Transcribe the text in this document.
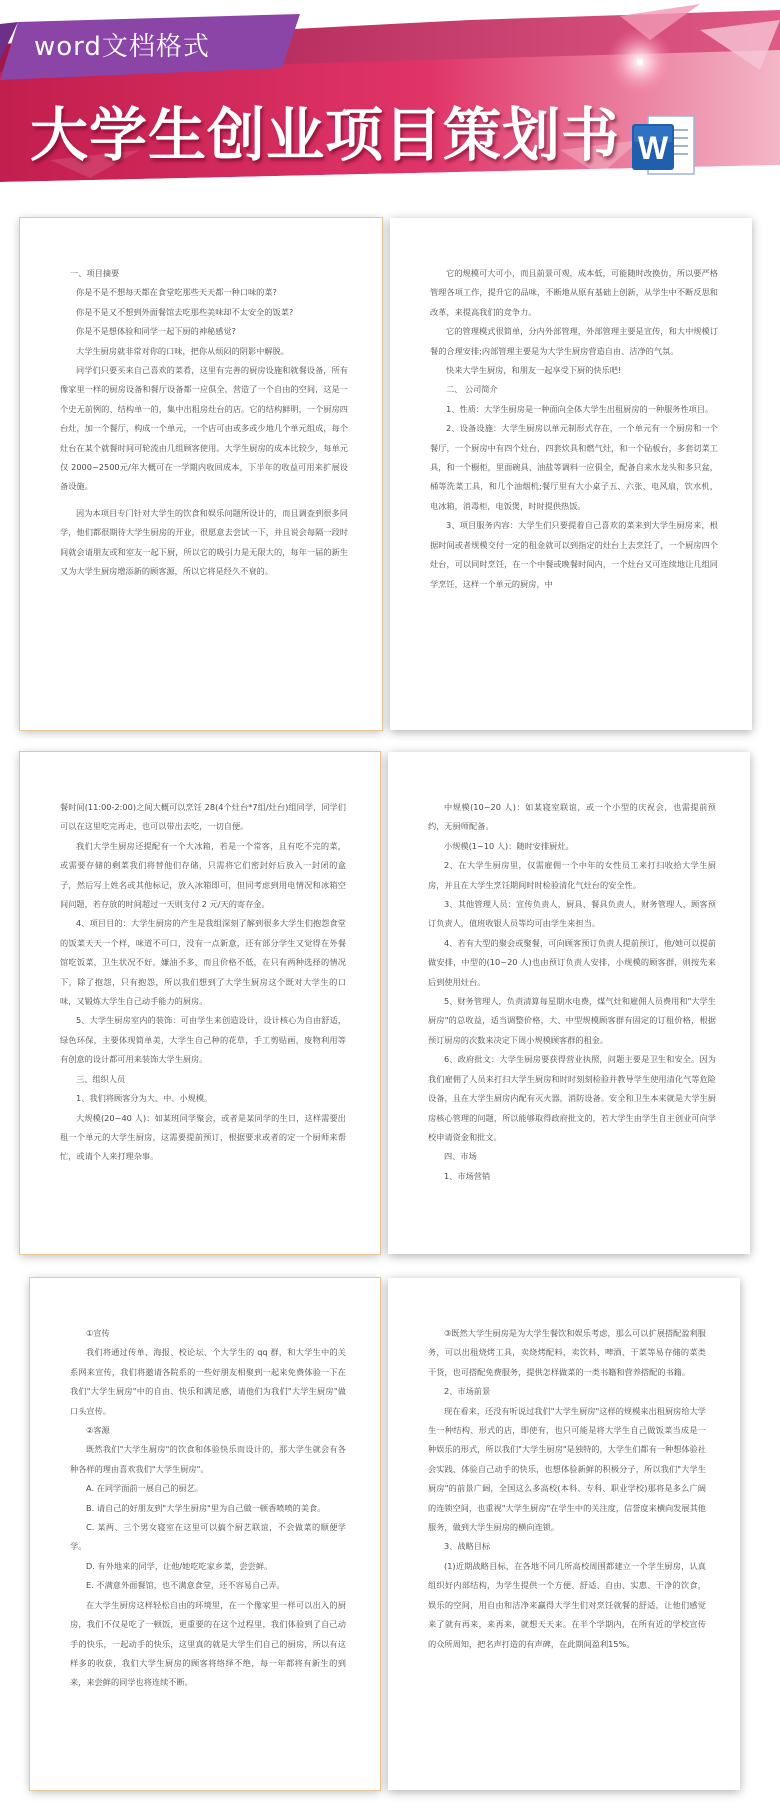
word文档格式
大学生创业项目策划书 W

一、项目摘要

你是不是不想每天都在食堂吃那些天天都一种口味的菜?

你是不是又不想到外面餐馆去吃那些美味却不太安全的饭菜?

你是不是想体验和同学一起下厨的神秘感觉?

大学生厨房就非常对你的口味，把你从烦闷的阴影中解脱。

同学们只要买来自己喜欢的菜肴，这里有完善的厨房设施和就餐设备，所有像家里一样的厨房设备和餐厅设备都一应俱全，营造了一个自由的空间，这是一个史无前例的、结构单一的，集中出租房灶台的店。它的结构鲜明，一个厨房四台灶，加一个餐厅，构成一个单元，一个店可由或多或少地几个单元组成，每个灶台在某个就餐时间可轮流由几组顾客使用。大学生厨房的成本比较少，每单元仅 2000~2500元/年大概可在一学期内收回成本，下半年的收益可用来扩展设备设施。

因为本项目专门针对大学生的饮食和娱乐问题所设计的，而且调查到很多同学，他们都很期待大学生厨房的开业，很愿意去尝试一下，并且说会每隔一段时间就会请朋友或和室友一起下厨，所以它的吸引力是无限大的，每年一届的新生又为大学生厨房增添新的顾客源，所以它将是经久不衰的。

它的规模可大可小，而且前景可观，成本低，可能随时改换仿，所以要严格管理各项工作，提升它的品味，不断地从原有基础上创新，从学生中不断反思和改革，来提高我们的竞争力。

它的管理模式很简单，分内外部管理，外部管理主要是宣传，和大中规模订餐的合理安排;内部管理主要是为大学生厨房营造自由、洁净的气氛。

快来大学生厨房，和朋友一起享受下厨的快乐吧!

二、 公司简介

1、性质：大学生厨房是一种面向全体大学生出租厨房的一种服务性项目。

2、设备设施：大学生厨房以单元制形式存在，一个单元有一个厨房和一个餐厅，一个厨房中有四个灶台，四套炊具和燃气灶，和一个砧板台，多套切菜工具，和一个橱柜，里面碗具、油盐等调料一应俱全，配备自来水龙头和多只盆，桶等洗菜工具，和几个油烟机;餐厅里有大小桌子五、六张，电风扇，饮水机，电冰箱，消毒柜，电饭煲，时时提供热饭。

3、项目服务内容：大学生们只要提着自己喜欢的菜来到大学生厨房来，根据时间或者规模交付一定的租金就可以到指定的灶台上去烹饪了，一个厨房四个灶台，可以同时烹饪，在一个中餐或晚餐时间内，一个灶台又可连续地让几组同学烹饪，这样一个单元的厨房，中

餐时间(11:00-2:00)之间大概可以烹饪 28(4个灶台*7组/灶台)组同学，同学们可以在这里吃完再走，也可以带出去吃，一切自便。

我们大学生厨房还提配有一个大冰箱，若是一个常客，且有吃不完的菜，或需要存储的剩菜我们将替他们存储，只需将它们密封好后放入一封闭的盒子，然后写上姓名或其他标记，放入冰箱即可，但同考虑到用电情况和冰箱空间问题，若存放的时间超过一天则支付 2 元/天的寄存金。

4、项目目的：大学生厨房的产生是我组深刻了解到很多大学生们抱怨食堂的饭菜天天一个样，味道不可口，没有一点新意，还有部分学生又觉得在外餐馆吃饭菜，卫生状况不好，嫌油不多，而且价格不低，在只有两种选择的情况下，除了抱怨，只有抱怨，所以我们想到了大学生厨房这个既对大学生的口味，又锻炼大学生自己动手能力的厨房。

5、大学生厨房室内的装饰：可由学生来创造设计，设计核心为自由舒适，绿色环保，主要体现简单美，大学生自己种的花草，手工剪贴画，废物利用等有创意的设计都可用来装饰大学生厨房。

三、组织人员

1、我们将顾客分为大、中、小规模。

大规模(20~40 人)：如某班同学聚会，或者是某同学的生日，这样需要出租一个单元的大学生厨房，这需要提前预订，根据要求或者的定一个厨师来帮忙，或请个人来打理杂事。

中规模(10~20 人)：如某寝室联谊，或一个小型的庆祝会，也需提前预约，无厨师配备。

小规模(1~10 人)：随时安排厨灶。

2、在大学生厨房里，仅需雇佣一个中年的女性员工来打扫收拾大学生厨房，并且在大学生烹饪期间时时检验清化气灶台的安全性。

3、其他管理人员：宣传负责人，厨具、餐具负责人，财务管理人，顾客预订负责人，值班收银人员等均可由学生来担当。

4、若有大型的聚会或聚餐，可向顾客预订负责人提前预订，他/她可以提前做安排，中型的(10~20 人)也由预订负责人安排，小规模的顾客群，则按先来后到使用灶台。

5、财务管理人，负责清算每星期水电费，煤气灶和雇佣人员费用和"大学生厨房"的总收益，适当调整价格，大、中型规模顾客群有固定的订租价格，根据预订厨房的次数来决定下周小规模顾客群的租金。

6、政府批文：大学生厨房要获得营业执照，问题主要是卫生和安全。因为我们雇佣了人员来打扫大学生厨房和时时刻刻检验并教导学生使用清化气等危险设备，且在大学生厨房内配有灭火器，消防设备。安全和卫生本来就是大学生厨房核心管理的问题，所以能够取得政府批文的，若大学生由学生自主创业可向学校申请资金和批文。

四、市场

1、市场营销

①宣传

我们将通过传单、海报、校论坛、个大学生的 qq 群，和大学生中的关系网来宣传，我们将邀请各院系的一些好朋友相聚到一起来免费体验一下在我们"大学生厨房"中的自由、快乐和满足感，请他们为我们"大学生厨房"做口头宣传。

②客源

既然我们"大学生厨房"的饮食和体验快乐而设计的，那大学生就会有各种各样的理由喜欢我们"大学生厨房"。

A. 在同学面前一展自己的厨艺。

B. 请自己的好朋友到"大学生厨房"里为自己做一顿香喷喷的美食。

C. 某两、三个男女寝室在这里可以搞个厨艺联谊，不会做菜的顺便学学。

D. 有外地来的同学，让他/她吃吃家乡菜，尝尝鲜。

E. 不满意外面餐馆，也不满意食堂，还不容易自己弄。

在大学生厨房这样轻松自由的环境里，在一个像家里一样可以出入的厨房，我们不仅是吃了一顿饭，更重要的在这个过程里，我们体验到了自己动手的快乐，一起动手的快乐，这里真的就是大学生们自己的厨房，所以有这样多的收获，我们大学生厨房的顾客将络绎不绝，每一年都将有新生的到来，来尝鲜的同学也将连续不断。

③既然大学生厨房是为大学生餐饮和娱乐考虑，那么可以扩展搭配盈利服务，可以出租烧烤工具，卖烧烤配料，卖饮料、啤酒、干菜等易存储的菜类干货，也可搭配免费服务，提供怎样做菜的一类书籍和营养搭配的书籍。

2、市场前景

现在看来，还没有听说过我们"大学生厨房"这样的规模来出租厨房给大学生一种结构、形式的店，即使有，也只可能是将大学生自己做饭菜当成是一种娱乐的形式，所以我们"大学生厨房"是独特的，大学生们都有一种想体验社会实践、体验自己动手的快乐，也想体验新鲜的积极分子，所以我们"大学生厨房"的前景广阔，全国这么多高校(本科、专科、职业学校)那将是多么广阔的连锁空间，也重视"大学生厨房"在学生中的关注度，信誉度来横向发展其他服务，做到大学生厨房的横向连锁。

3、战略目标

(1)近期战略目标，在各地不同几所高校周围都建立一个学生厨房，认真组织好内部结构，为学生提供一个方便、舒适、自由、实惠、干净的饮食，娱乐的空间，用自由和洁净来赢得大学生们对烹饪就餐的舒适，让他们感觉来了就有再来，来再来，就想天天来。在半个学期内，在所有近的学校宣传的众所周知，把名声打造的有声碑，在此期间盈利15%。
